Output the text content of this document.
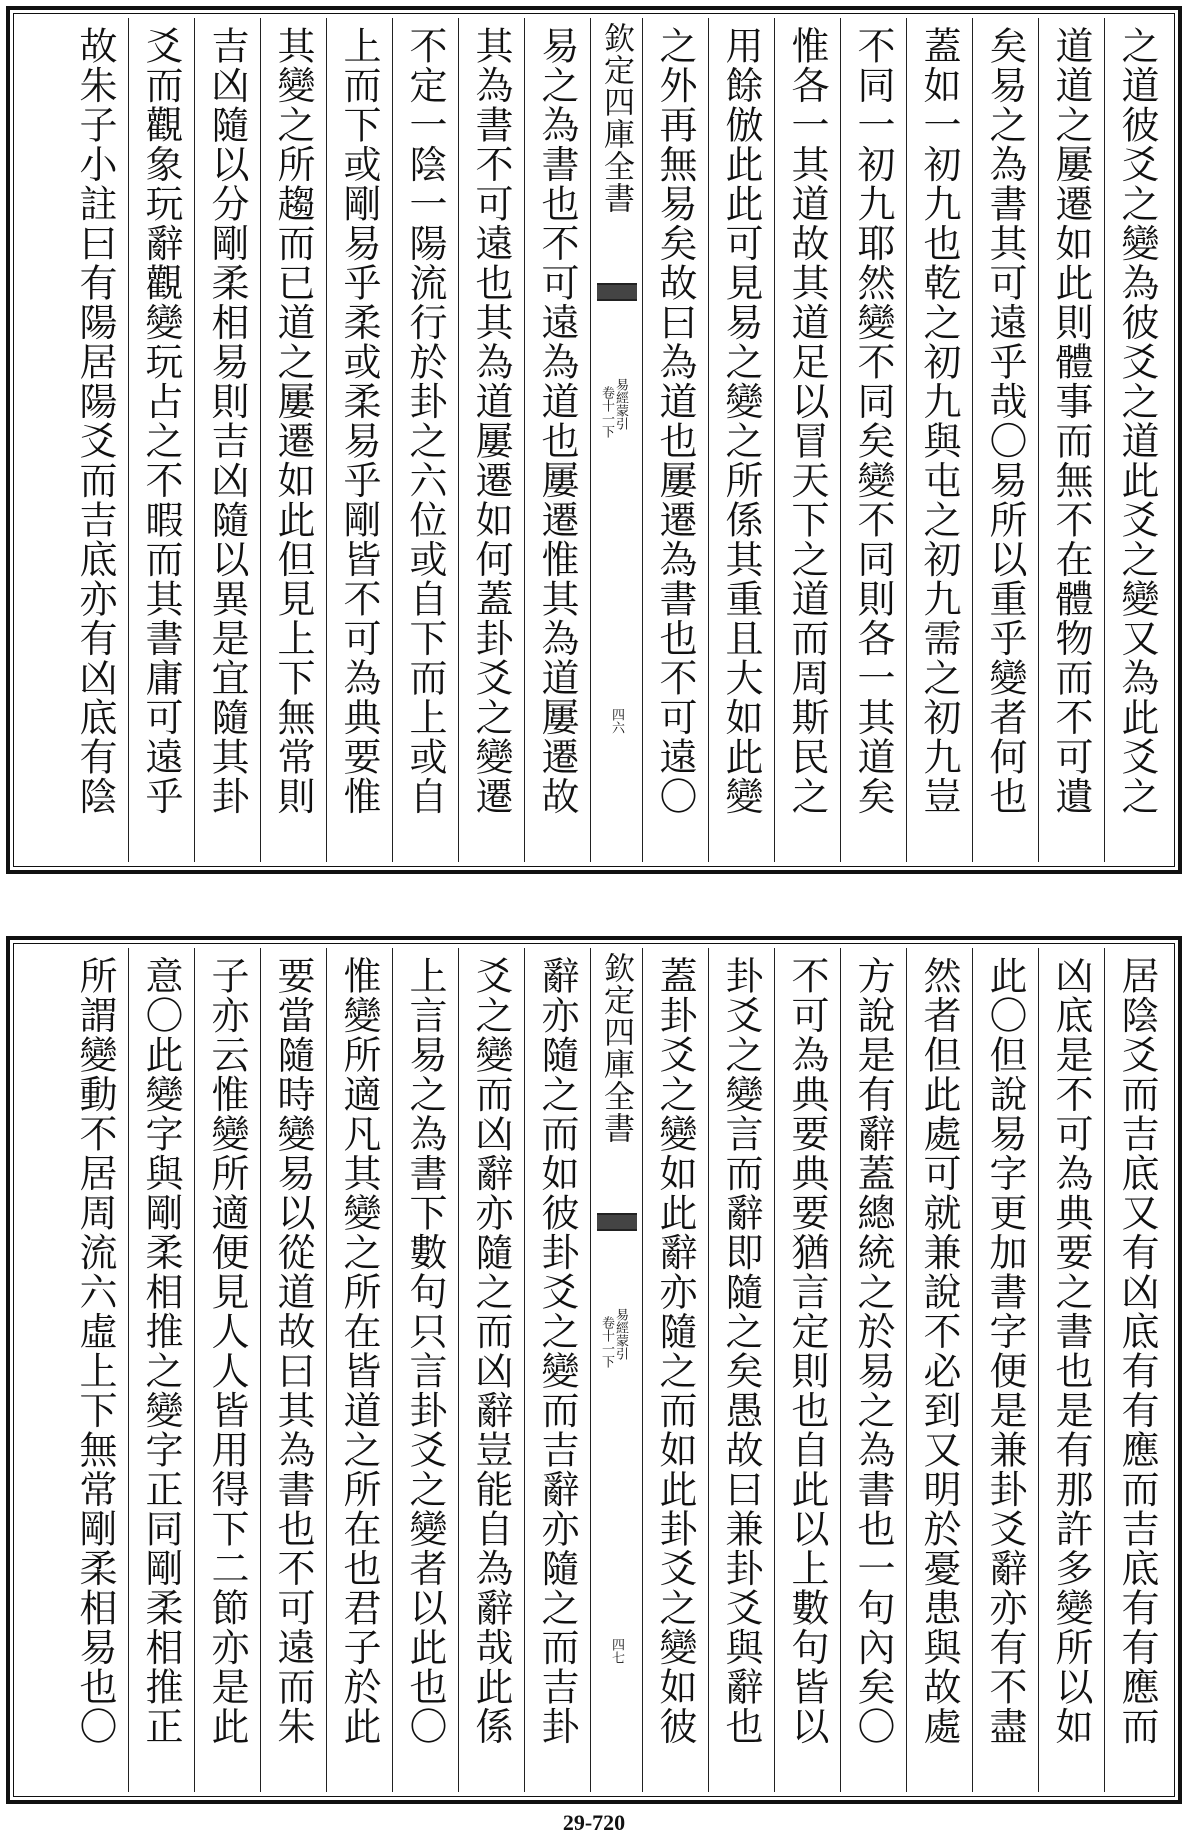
之道彼爻之變為彼爻之道此爻之變又為此爻之
道道之屢遷如此則體事而無不在體物而不可遺
矣易之為書其可遠乎哉〇易所以重乎變者何也
蓋如一初九也乾之初九與屯之初九需之初九豈
不同一初九耶然變不同矣變不同則各一其道矣
惟各一其道故其道足以冒天下之道而周斯民之
用餘倣此此可見易之變之所係其重且大如此變
之外再無易矣故曰為道也屢遷為書也不可遠〇
欽定四庫全書
易經蒙引
卷十一下
四六
易之為書也不可遠為道也屢遷惟其為道屢遷故
其為書不可遠也其為道屢遷如何蓋卦爻之變遷
不定一陰一陽流行於卦之六位或自下而上或自
上而下或剛易乎柔或柔易乎剛皆不可為典要惟
其變之所趨而已道之屢遷如此但見上下無常則
吉凶隨以分剛柔相易則吉凶隨以異是宜隨其卦
爻而觀象玩辭觀變玩占之不暇而其書庸可遠乎
故朱子小註曰有陽居陽爻而吉底亦有凶底有陰
居陰爻而吉底又有凶底有有應而吉底有有應而
凶底是不可為典要之書也是有那許多變所以如
此〇但說易字更加書字便是兼卦爻辭亦有不盡
然者但此處可就兼說不必到又明於憂患與故處
方說是有辭蓋總統之於易之為書也一句內矣〇
不可為典要典要猶言定則也自此以上數句皆以
卦爻之變言而辭即隨之矣愚故曰兼卦爻與辭也
蓋卦爻之變如此辭亦隨之而如此卦爻之變如彼
欽定四庫全書
易經蒙引
卷十一下
四七
辭亦隨之而如彼卦爻之變而吉辭亦隨之而吉卦
爻之變而凶辭亦隨之而凶辭豈能自為辭哉此係
上言易之為書下數句只言卦爻之變者以此也〇
惟變所適凡其變之所在皆道之所在也君子於此
要當隨時變易以從道故曰其為書也不可遠而朱
子亦云惟變所適便見人人皆用得下二節亦是此
意〇此變字與剛柔相推之變字正同剛柔相推正
所謂變動不居周流六虛上下無常剛柔相易也〇
29-720
